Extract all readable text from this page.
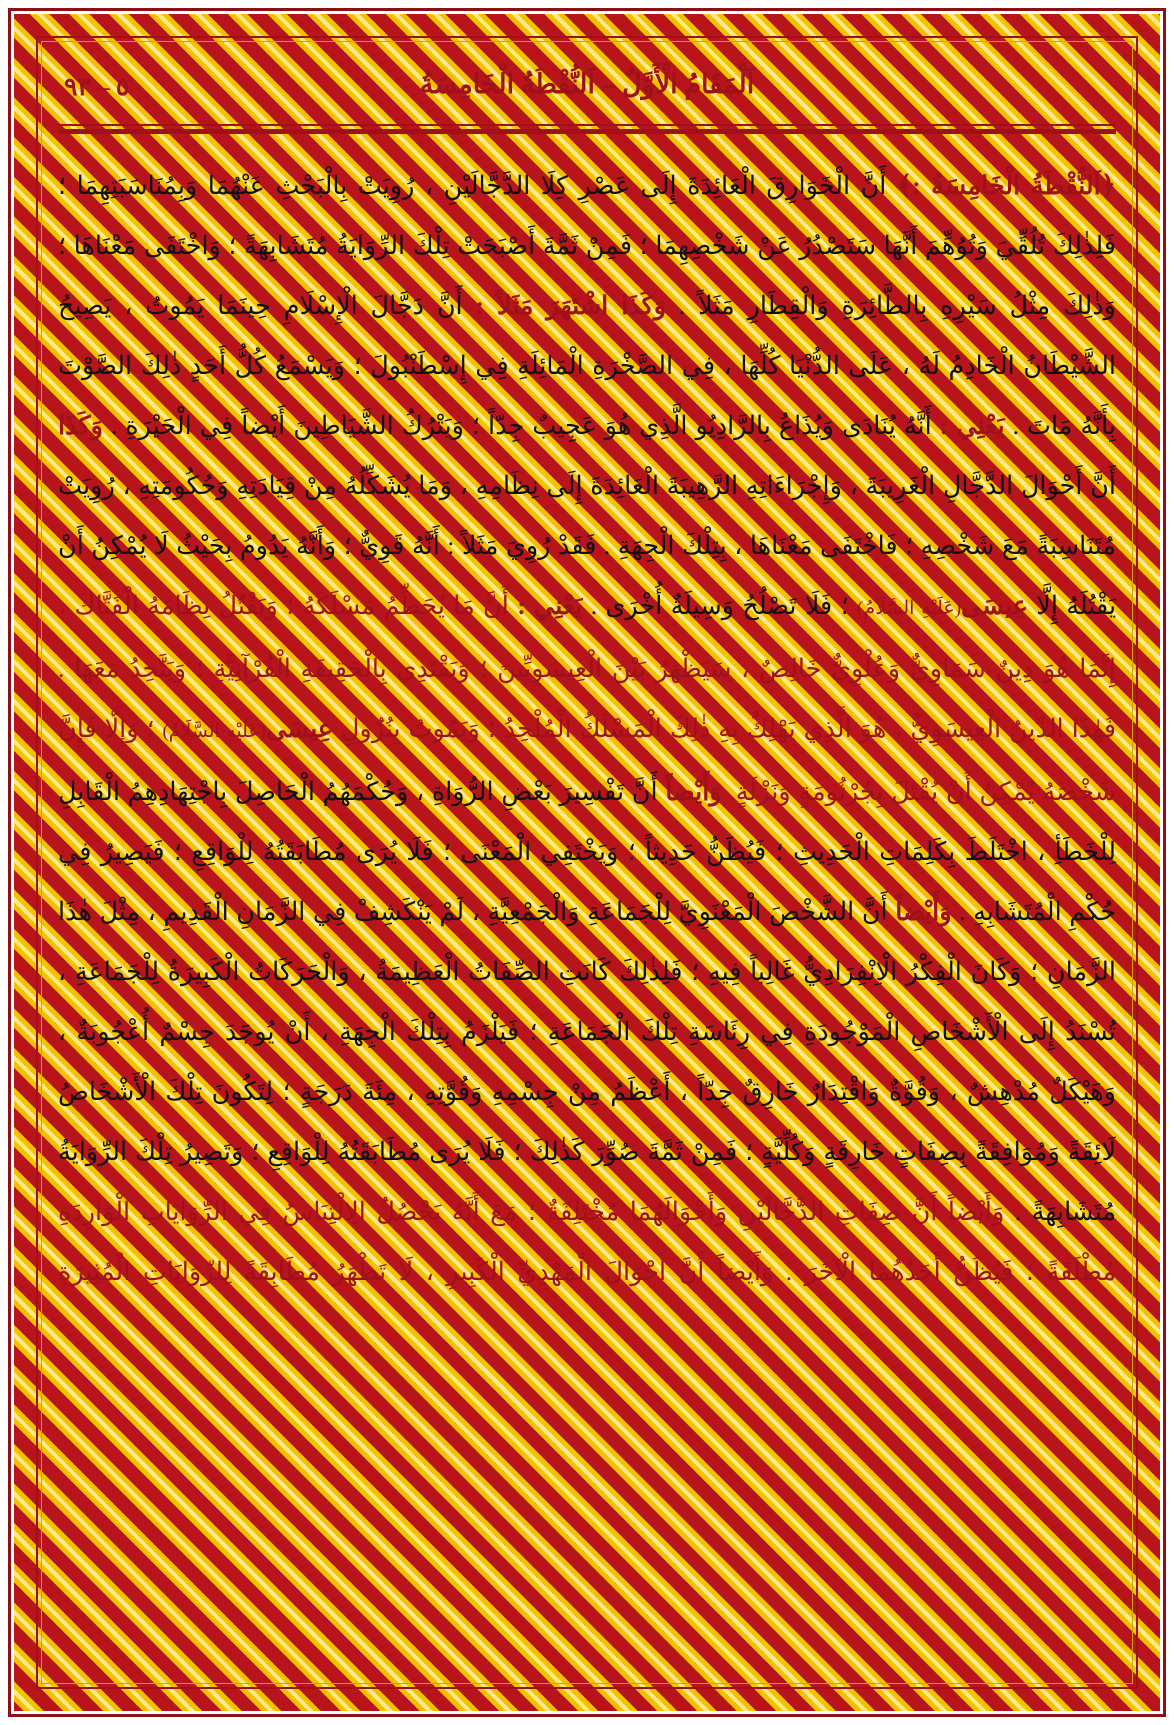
٥ – ٩٣	اَلْمَقَامُ الْأَوَّلُ – اَلنُّقْطَةُ الْخَامِسَةُ
﴿اَلنُّقْطَةُ الْخَامِسَةُ :﴾ أَنَّ الْخَوَارِقَ الْعَائِدَةَ إِلَى عَصْرِ كِلَا الدَّجَّالَيْنِ ، رُوِيَتْ بِالْبَحْثِ عَنْهُمَا وَبِمُنَاسَبَتِهِمَا ؛ فَلِذٰلِكَ تُلُقِّيَ وَتُوُهِّمَ أَنَّهَا سَتَصْدُرُ عَنْ شَخْصِهِمَا ؛ فَمِنْ ثَمَّةَ أَصْبَحَتْ تِلْكَ الرِّوَايَةُ مُتَشَابِهَةً ؛ وَاخْتَفَى مَعْنَاهَا ؛ وَذٰلِكَ مِثْلُ سَيْرِهِ بِالطَّائِرَةِ وَالْقِطَارِ مَثَلاً . وَكَذَا اشْتَهَرَ مَثَلاً : أَنَّ دَجَّالَ الْإِسْلَامِ حِينَمَا يَمُوتُ ، يَصِيحُ الشَّيْطَانُ الْخَادِمُ لَهُ ، عَلَى الدُّنْيَا كُلِّهَا ، فِي الصَّخْرَةِ الْمَائِلَةِ فِي إِسْطَنْبُولَ ؛ وَيَسْمَعُ كُلُّ أَحَدٍ ذٰلِكَ الصَّوْتَ بِأَنَّهُ مَاتَ . يَعْنِي : أَنَّهُ يُنَادَى وَيُذَاعُ بِالرَّادِيُو الَّذِي هُوَ عَجِيبٌ جِدّاً ؛ وَيَتْرُكُ الشَّيَاطِينَ أَيْضاً فِي الْحَيْرَةِ . وَكَذَا أَنَّ أَحْوَالَ الدَّجَّالِ الْغَرِيبَةَ ، وَإِجْرَاءَاتِهِ الرَّهِيبَةَ الْعَائِدَةَ إِلَى نِظَامِهِ ، وَمَا يُشَكِّلُهُ مِنْ قِيَادَتِهِ وَحُكُومَتِهِ ، رُوِيَتْ مُتَنَاسِبَةً مَعَ شَخْصِهِ ؛ فَاخْتَفَى مَعْنَاهَا ، بِتِلْكَ الْجِهَةِ . فَقَدْ رُوِيَ مَثَلاً : أَنَّهُ قَوِيٌّ ؛ وَأَنَّهُ يَدُومُ بِحَيْثُ لَا يُمْكِنُ أَنْ يَقْتُلَهُ إِلَّا عِيسَى(عَلَيْهِ السَّلَامُ) ؛ فَلَا تَصْلُحُ وَسِيلَةٌ أُخْرَى . يَعْنِي : أَنَّ مَا يُحَطِّمُ مَسْلَكَهُ ؛ وَيَقْتُلُ نِظَامَهُ الْفَتَّاكَ ، إِنَّمَا هُوَ دِينٌ سَمَاوِيٌّ وَعُلْوِيٌّ خَالِصٌ ، سَيَظْهَرُ بَيْنَ الْعِيسَوِيِّينَ ؛ وَيَقْتَدِي بِالْحَقِيقَةِ الْقُرْآنِيَّةِ ؛ وَيَتَّحِدُ مَعَهَا . فَهٰذَا الدِّينُ الْعِيسَوِيُّ ، هُوَ الَّذِي يَهْلِكُ بِهِ ذٰلِكَ الْمَسْلَكُ الْمُلْحِدُ ؛ وَيَمُوتُ بِنُزُولِ عِيسَى(عَلَيْهِ السَّلَامُ) ؛ وَإِلَّا فَإِنَّ شَخْصَهُ يُمْكِنُ أَنْ يُقْتَلَ بِجُرْثُومَةٍ وَنَزْلَةٍ. وَأَيْضاً أَنَّ تَفْسِيرَ بَعْضِ الرُّوَاةِ ، وَحُكْمَهُمُ الْحَاصِلَ بِاجْتِهَادِهِمُ الْقَابِلِ لِلْخَطَأِ ، اخْتَلَطَ بِكَلِمَاتِ الْحَدِيثِ ؛ فَيُظَنُّ حَدِيثاً ؛ وَيَخْتَفِي الْمَعْنَى ؛ فَلَا يُرَى مُطَابَقَتُهُ لِلْوَاقِعِ ؛ فَيَصِيرُ فِي حُكْمِ الْمُتَشَابِهِ . وَأَيْضاً أَنَّ الشَّخْصَ الْمَعْنَوِيَّ لِلْجَمَاعَةِ وَالْجَمْعِيَّةِ ، لَمْ يَنْكَشِفْ فِي الزَّمَانِ الْقَدِيمِ ، مِثْلَ هٰذَا الزَّمَانِ ؛ وَكَانَ الْفِكْرُ الْاِنْفِرَادِيُّ غَالِباً فِيهِ ؛ فَلِذٰلِكَ كَانَتِ الصِّفَاتُ الْعَظِيمَةُ ، وَالْحَرَكَاتُ الْكَبِيرَةُ لِلْجَمَاعَةِ ، تُسْنَدُ إِلَى الْأَشْخَاصِ الْمَوْجُودَةِ فِي رِئَاسَةِ تِلْكَ الْجَمَاعَةِ ؛ فَيَلْزَمُ بِتِلْكَ الْجِهَةِ ، أَنْ يُوجَدَ جِسْمٌ أُعْجُوبَةٌ ، وَهَيْكَلٌ مُدْهِشٌ ، وَقُوَّةٌ وَاقْتِدَارٌ خَارِقٌ جِدّاً ، أَعْظَمُ مِنْ جِسْمِهِ وَقُوَّتِهِ ، مِئَةَ دَرَجَةٍ ؛ لِتَكُونَ تِلْكَ الْأَشْخَاصُ لَائِقَةً وَمُوَافِقَةً بِصِفَاتٍ خَارِقَةٍ وَكُلِّيَّةٍ ؛ فَمِنْ ثَمَّةَ صُوِّرَ كَذٰلِكَ ؛ فَلَا يُرَى مُطَابَقَتُهُ لِلْوَاقِعِ ؛ وَتَصِيرُ تِلْكَ الرِّوَايَةُ مُتَشَابِهَةً . وَأَيْضاً أَنَّ صِفَاتِ الدَّجَّالَيْنِ وَأَحْوَالَهُمَا مُخْتَلِفَةٌ ؛ مَعَ أَنَّهُ يَحْصُلُ الِالْتِبَاسُ فِي الرِّوَايَاتِ الْوَارِدَةِ مُطْلَقَةً ؛ فَيُظَنُّ أَحَدُهُمَا الْآخَرَ . وَأَيْضاً أَنَّ أَحْوَالَ الْمَهْدِيِّ الْكَبِيرِ ، لَا تَظْهَرُ مُطَابِقَةً لِلرِّوَايَاتِ الْمُثِيرَةِ
